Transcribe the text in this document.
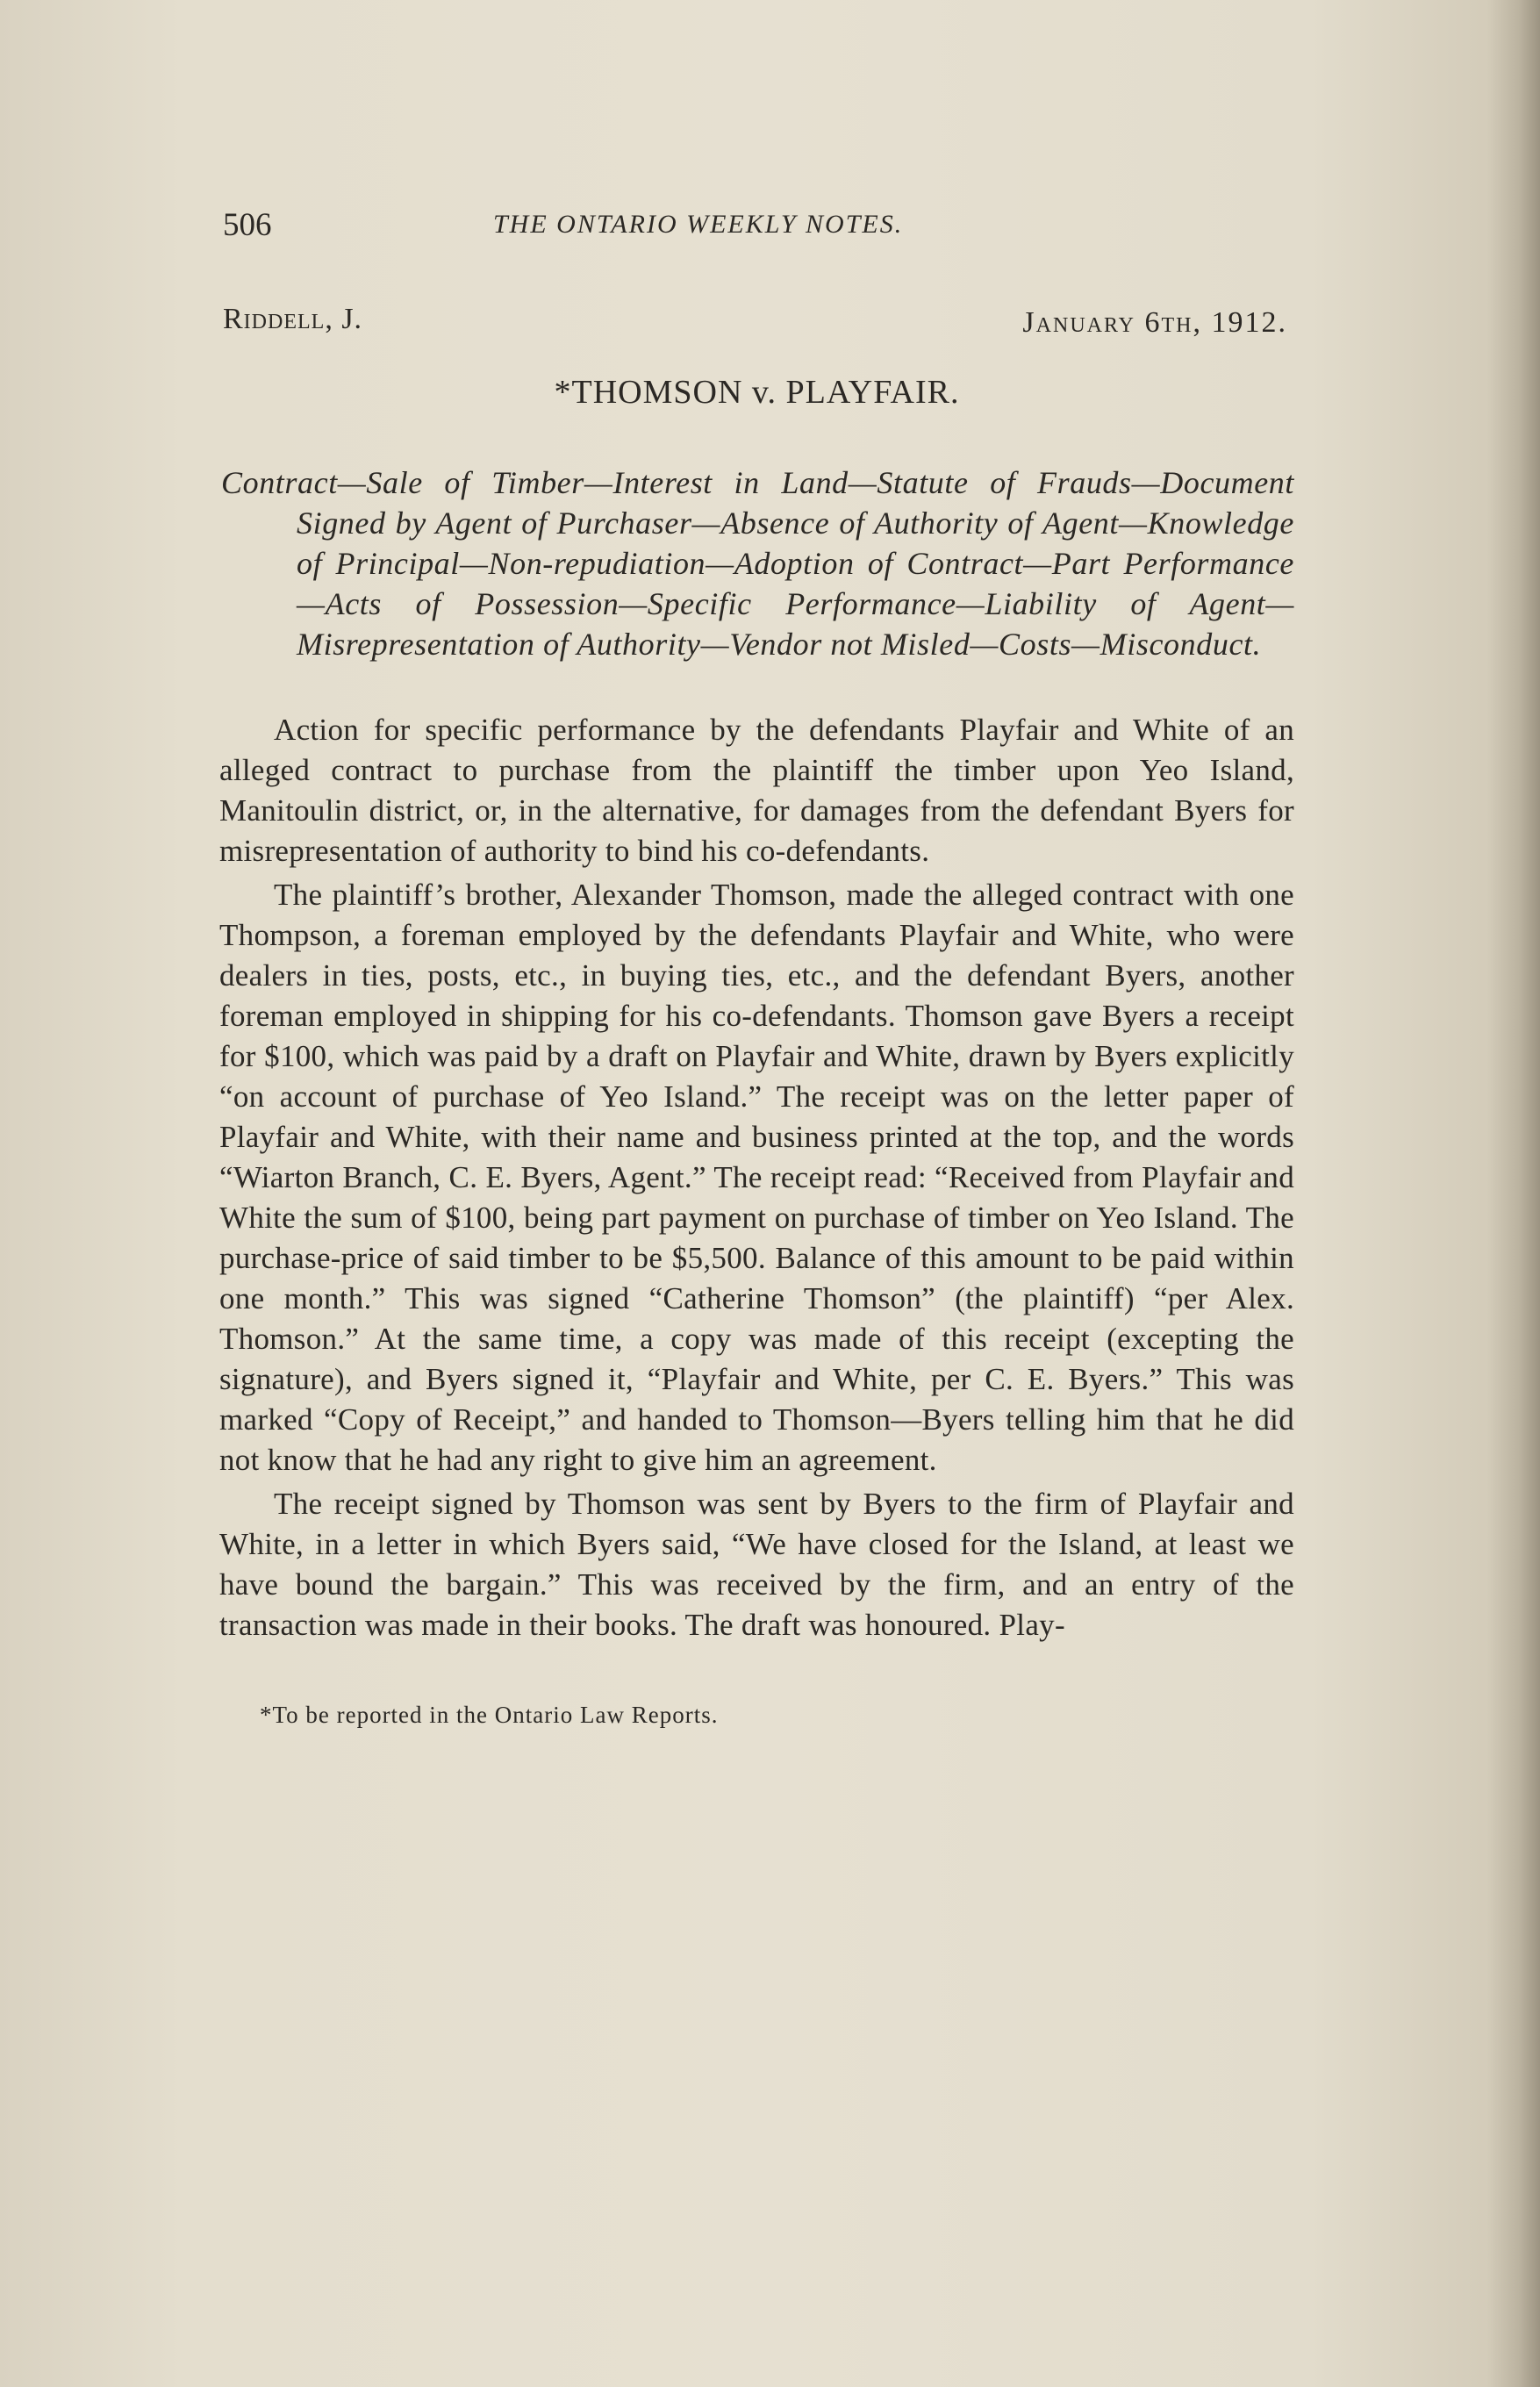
506	THE ONTARIO WEEKLY NOTES.
Riddell, J.	January 6th, 1912.
*THOMSON v. PLAYFAIR.
Contract—Sale of Timber—Interest in Land—Statute of Frauds—Document Signed by Agent of Purchaser—Absence of Authority of Agent—Knowledge of Principal—Non-repudiation—Adoption of Contract—Part Performance—Acts of Possession—Specific Performance—Liability of Agent—Misrepresentation of Authority—Vendor not Misled—Costs—Misconduct.

Action for specific performance by the defendants Playfair and White of an alleged contract to purchase from the plaintiff the timber upon Yeo Island, Manitoulin district, or, in the alternative, for damages from the defendant Byers for misrepresentation of authority to bind his co-defendants.

The plaintiff’s brother, Alexander Thomson, made the alleged contract with one Thompson, a foreman employed by the defendants Playfair and White, who were dealers in ties, posts, etc., in buying ties, etc., and the defendant Byers, another foreman employed in shipping for his co-defendants. Thomson gave Byers a receipt for $100, which was paid by a draft on Playfair and White, drawn by Byers explicitly “on account of purchase of Yeo Island.” The receipt was on the letter paper of Playfair and White, with their name and business printed at the top, and the words “Wiarton Branch, C. E. Byers, Agent.” The receipt read: “Received from Playfair and White the sum of $100, being part payment on purchase of timber on Yeo Island. The purchase-price of said timber to be $5,500. Balance of this amount to be paid within one month.” This was signed “Catherine Thomson” (the plaintiff) “per Alex. Thomson.” At the same time, a copy was made of this receipt (excepting the signature), and Byers signed it, “Playfair and White, per C. E. Byers.” This was marked “Copy of Receipt,” and handed to Thomson—Byers telling him that he did not know that he had any right to give him an agreement.

The receipt signed by Thomson was sent by Byers to the firm of Playfair and White, in a letter in which Byers said, “We have closed for the Island, at least we have bound the bargain.” This was received by the firm, and an entry of the transaction was made in their books. The draft was honoured. Play-

*To be reported in the Ontario Law Reports.
